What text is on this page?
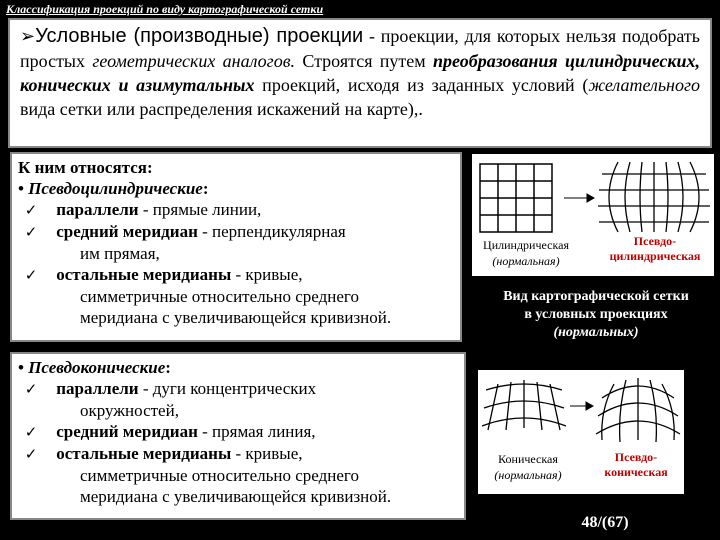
Классификация проекций по виду картографической сетки

➢Условные (производные) проекции - проекции, для которых нельзя подобрать простых геометрических аналогов. Строятся путем преобразования цилиндрических, конических и азимутальных проекций, исходя из заданных условий (желательного вида сетки или распределения искажений на карте),.

К ним относятся:

• Псевдоцилиндрические:

✓ параллели - прямые линии,

✓ средний меридиан - перпендикулярная

им прямая,

✓ остальные меридианы - кривые,

симметричные относительно среднего

меридиана с увеличивающейся кривизной.

• Псевдоконические:

✓ параллели - дуги концентрических

окружностей,

✓ средний меридиан - прямая линия,

✓ остальные меридианы - кривые,

симметричные относительно среднего

меридиана с увеличивающейся кривизной.

Цилиндрическая
(нормальная)
Псевдо-
цилиндрическая
Вид картографической сетки
в условных проекциях
(нормальных)
Коническая
(нормальная)
Псевдо-
коническая
48/(67)
